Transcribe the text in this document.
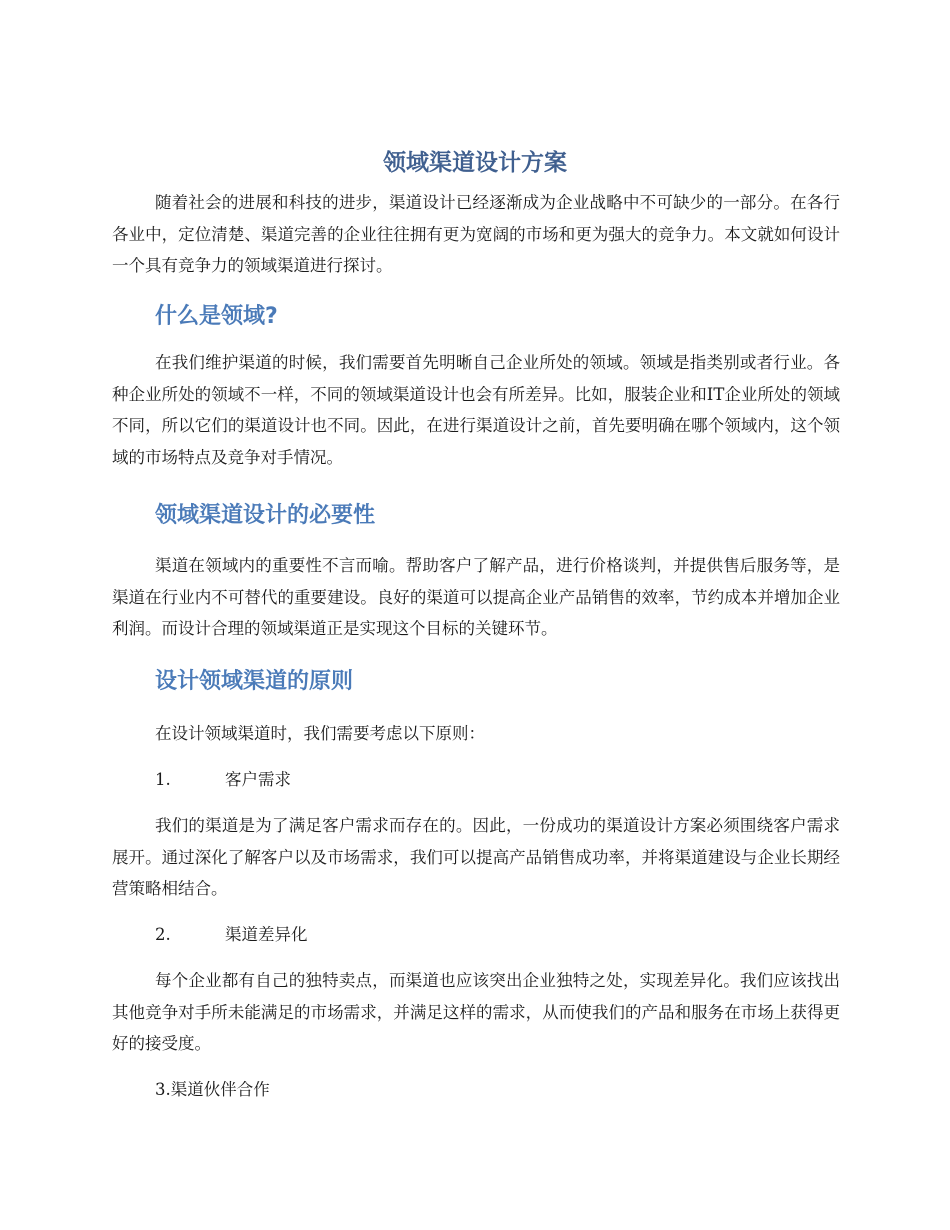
领域渠道设计方案

随着社会的进展和科技的进步，渠道设计已经逐渐成为企业战略中不可缺少的一部分。在各行各业中，定位清楚、渠道完善的企业往往拥有更为宽阔的市场和更为强大的竞争力。本文就如何设计一个具有竞争力的领域渠道进行探讨。

什么是领域?

在我们维护渠道的时候，我们需要首先明晰自己企业所处的领域。领域是指类别或者行业。各种企业所处的领域不一样，不同的领域渠道设计也会有所差异。比如，服装企业和IT企业所处的领域不同，所以它们的渠道设计也不同。因此，在进行渠道设计之前，首先要明确在哪个领域内，这个领域的市场特点及竞争对手情况。

领域渠道设计的必要性

渠道在领域内的重要性不言而喻。帮助客户了解产品，进行价格谈判，并提供售后服务等，是渠道在行业内不可替代的重要建设。良好的渠道可以提高企业产品销售的效率，节约成本并增加企业利润。而设计合理的领域渠道正是实现这个目标的关键环节。

设计领域渠道的原则

在设计领域渠道时，我们需要考虑以下原则：

1.	客户需求

我们的渠道是为了满足客户需求而存在的。因此，一份成功的渠道设计方案必须围绕客户需求展开。通过深化了解客户以及市场需求，我们可以提高产品销售成功率，并将渠道建设与企业长期经营策略相结合。

2.	渠道差异化

每个企业都有自己的独特卖点，而渠道也应该突出企业独特之处，实现差异化。我们应该找出其他竞争对手所未能满足的市场需求，并满足这样的需求，从而使我们的产品和服务在市场上获得更好的接受度。

3.渠道伙伴合作
